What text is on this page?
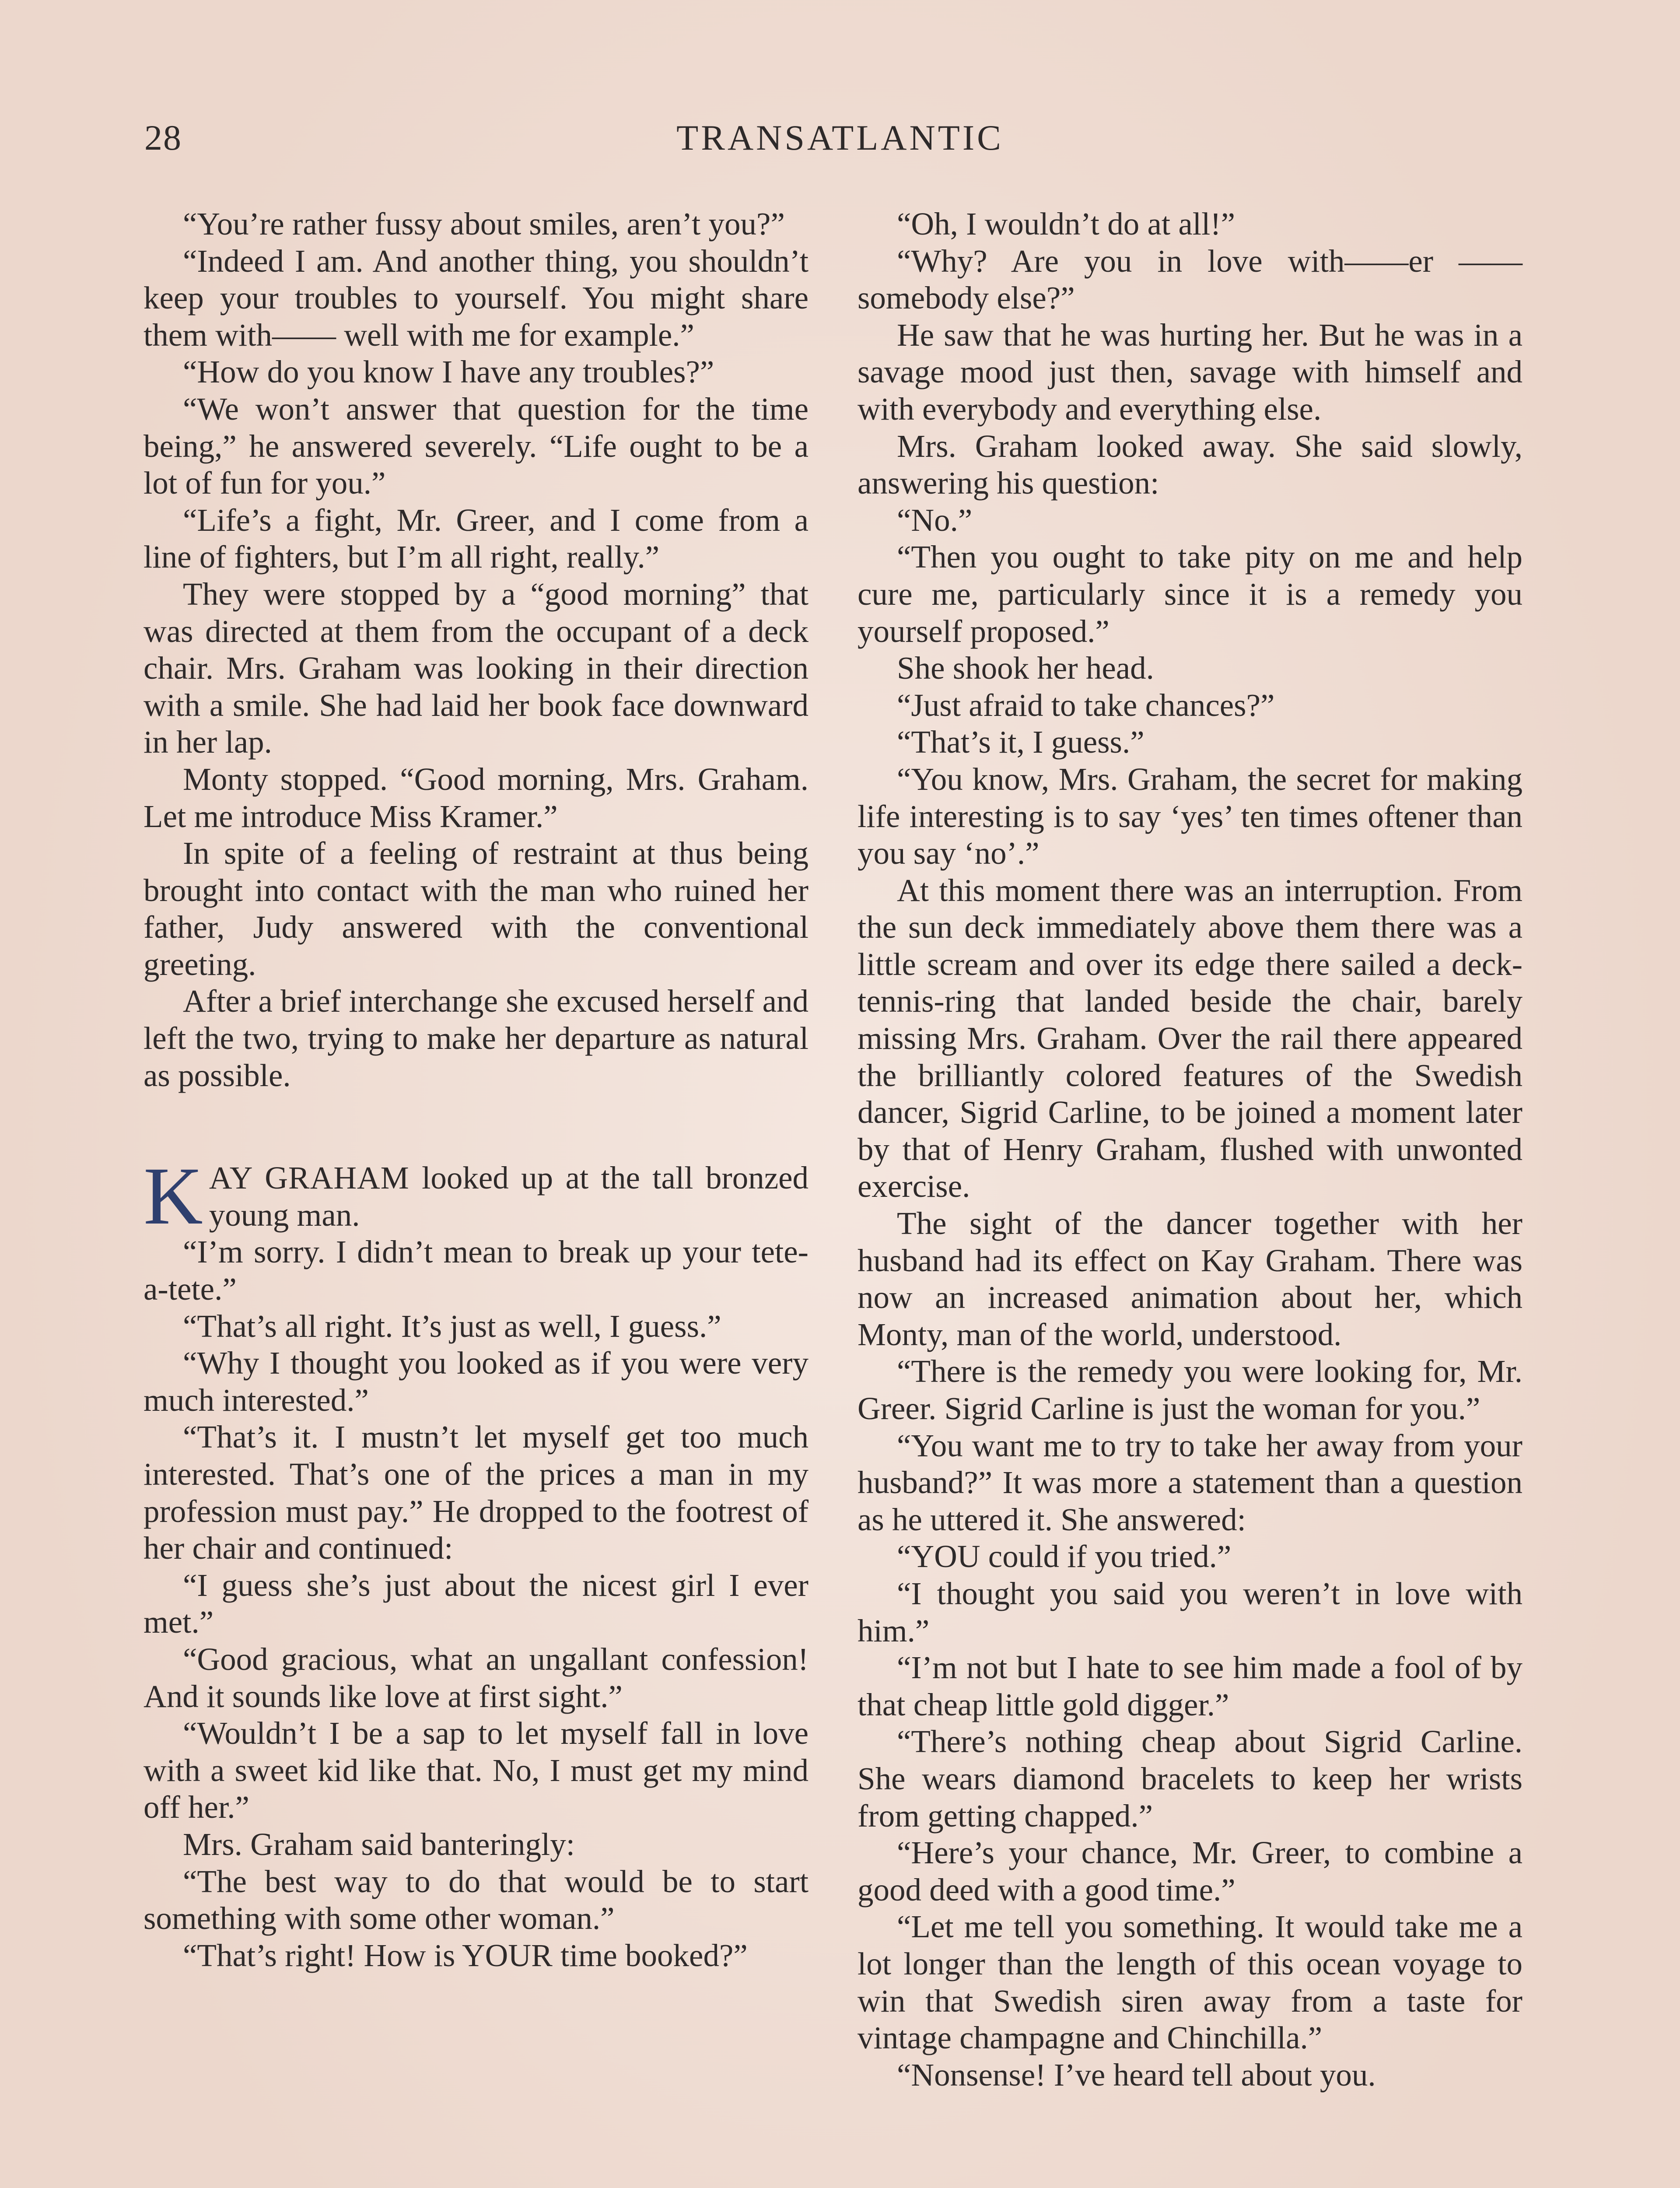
28	TRANSATLANTIC

“You’re rather fussy about smiles, aren’t you?”

“Indeed I am. And another thing, you shouldn’t keep your troubles to yourself. You might share them with—— well with me for example.”

“How do you know I have any troubles?”

“We won’t answer that question for the time being,” he answered severely. “Life ought to be a lot of fun for you.”

“Life’s a fight, Mr. Greer, and I come from a line of fighters, but I’m all right, really.”

They were stopped by a “good morning” that was directed at them from the occupant of a deck chair. Mrs. Graham was looking in their direction with a smile. She had laid her book face downward in her lap.

Monty stopped. “Good morning, Mrs. Graham. Let me introduce Miss Kramer.”

In spite of a feeling of restraint at thus being brought into contact with the man who ruined her father, Judy answered with the conventional greeting.

After a brief interchange she excused herself and left the two, trying to make her departure as natural as possible.

KAY GRAHAM looked up at the tall bronzed young man.

“I’m sorry. I didn’t mean to break up your tete-a-tete.”

“That’s all right. It’s just as well, I guess.”

“Why I thought you looked as if you were very much interested.”

“That’s it. I mustn’t let myself get too much interested. That’s one of the prices a man in my profession must pay.” He dropped to the footrest of her chair and continued:

“I guess she’s just about the nicest girl I ever met.”

“Good gracious, what an ungallant confession! And it sounds like love at first sight.”

“Wouldn’t I be a sap to let myself fall in love with a sweet kid like that. No, I must get my mind off her.”

Mrs. Graham said banteringly:

“The best way to do that would be to start something with some other woman.”

“That’s right! How is YOUR time booked?”

“Oh, I wouldn’t do at all!”

“Why? Are you in love with——er ——somebody else?”

He saw that he was hurting her. But he was in a savage mood just then, savage with himself and with everybody and everything else.

Mrs. Graham looked away. She said slowly, answering his question:

“No.”

“Then you ought to take pity on me and help cure me, particularly since it is a remedy you yourself proposed.”

She shook her head.

“Just afraid to take chances?”

“That’s it, I guess.”

“You know, Mrs. Graham, the secret for making life interesting is to say ‘yes’ ten times oftener than you say ‘no’.”

At this moment there was an interruption. From the sun deck immediately above them there was a little scream and over its edge there sailed a deck-tennis-ring that landed beside the chair, barely missing Mrs. Graham. Over the rail there appeared the brilliantly colored features of the Swedish dancer, Sigrid Carline, to be joined a moment later by that of Henry Graham, flushed with unwonted exercise.

The sight of the dancer together with her husband had its effect on Kay Graham. There was now an increased animation about her, which Monty, man of the world, understood.

“There is the remedy you were looking for, Mr. Greer. Sigrid Carline is just the woman for you.”

“You want me to try to take her away from your husband?” It was more a statement than a question as he uttered it. She answered:

“YOU could if you tried.”

“I thought you said you weren’t in love with him.”

“I’m not but I hate to see him made a fool of by that cheap little gold digger.”

“There’s nothing cheap about Sigrid Carline. She wears diamond bracelets to keep her wrists from getting chapped.”

“Here’s your chance, Mr. Greer, to combine a good deed with a good time.”

“Let me tell you something. It would take me a lot longer than the length of this ocean voyage to win that Swedish siren away from a taste for vintage champagne and Chinchilla.”

“Nonsense! I’ve heard tell about you.
